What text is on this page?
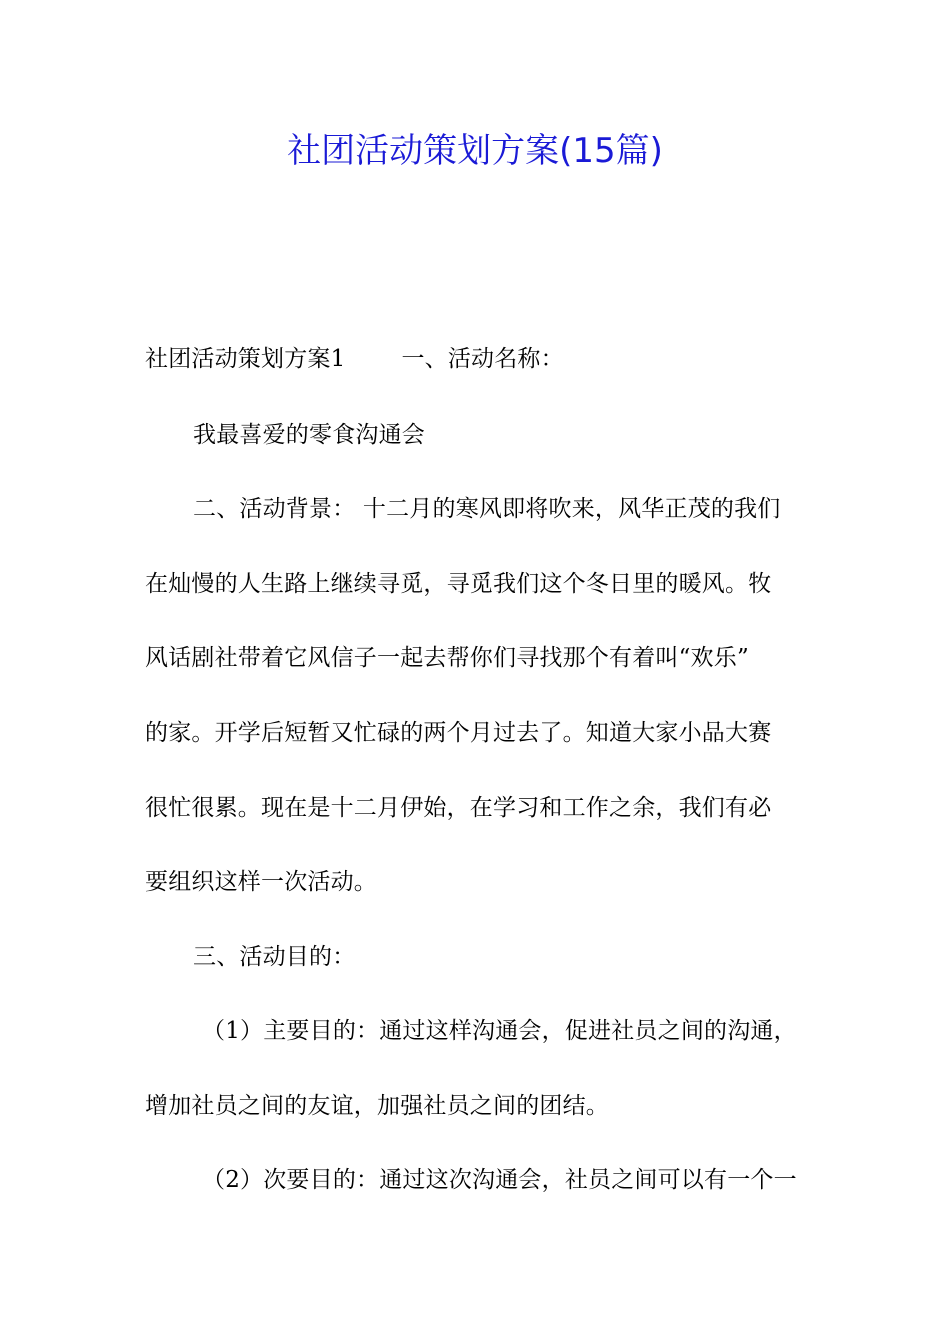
社团活动策划方案(15篇)
社团活动策划方案1 一、活动名称：
我最喜爱的零食沟通会
二、活动背景： 十二月的寒风即将吹来，风华正茂的我们
在灿慢的人生路上继续寻觅，寻觅我们这个冬日里的暖风。牧
风话剧社带着它风信子一起去帮你们寻找那个有着叫“欢乐”
的家。开学后短暂又忙碌的两个月过去了。知道大家小品大赛
很忙很累。现在是十二月伊始，在学习和工作之余，我们有必
要组织这样一次活动。
三、活动目的：
（1）主要目的：通过这样沟通会，促进社员之间的沟通，
增加社员之间的友谊，加强社员之间的团结。
（2）次要目的：通过这次沟通会，社员之间可以有一个一
